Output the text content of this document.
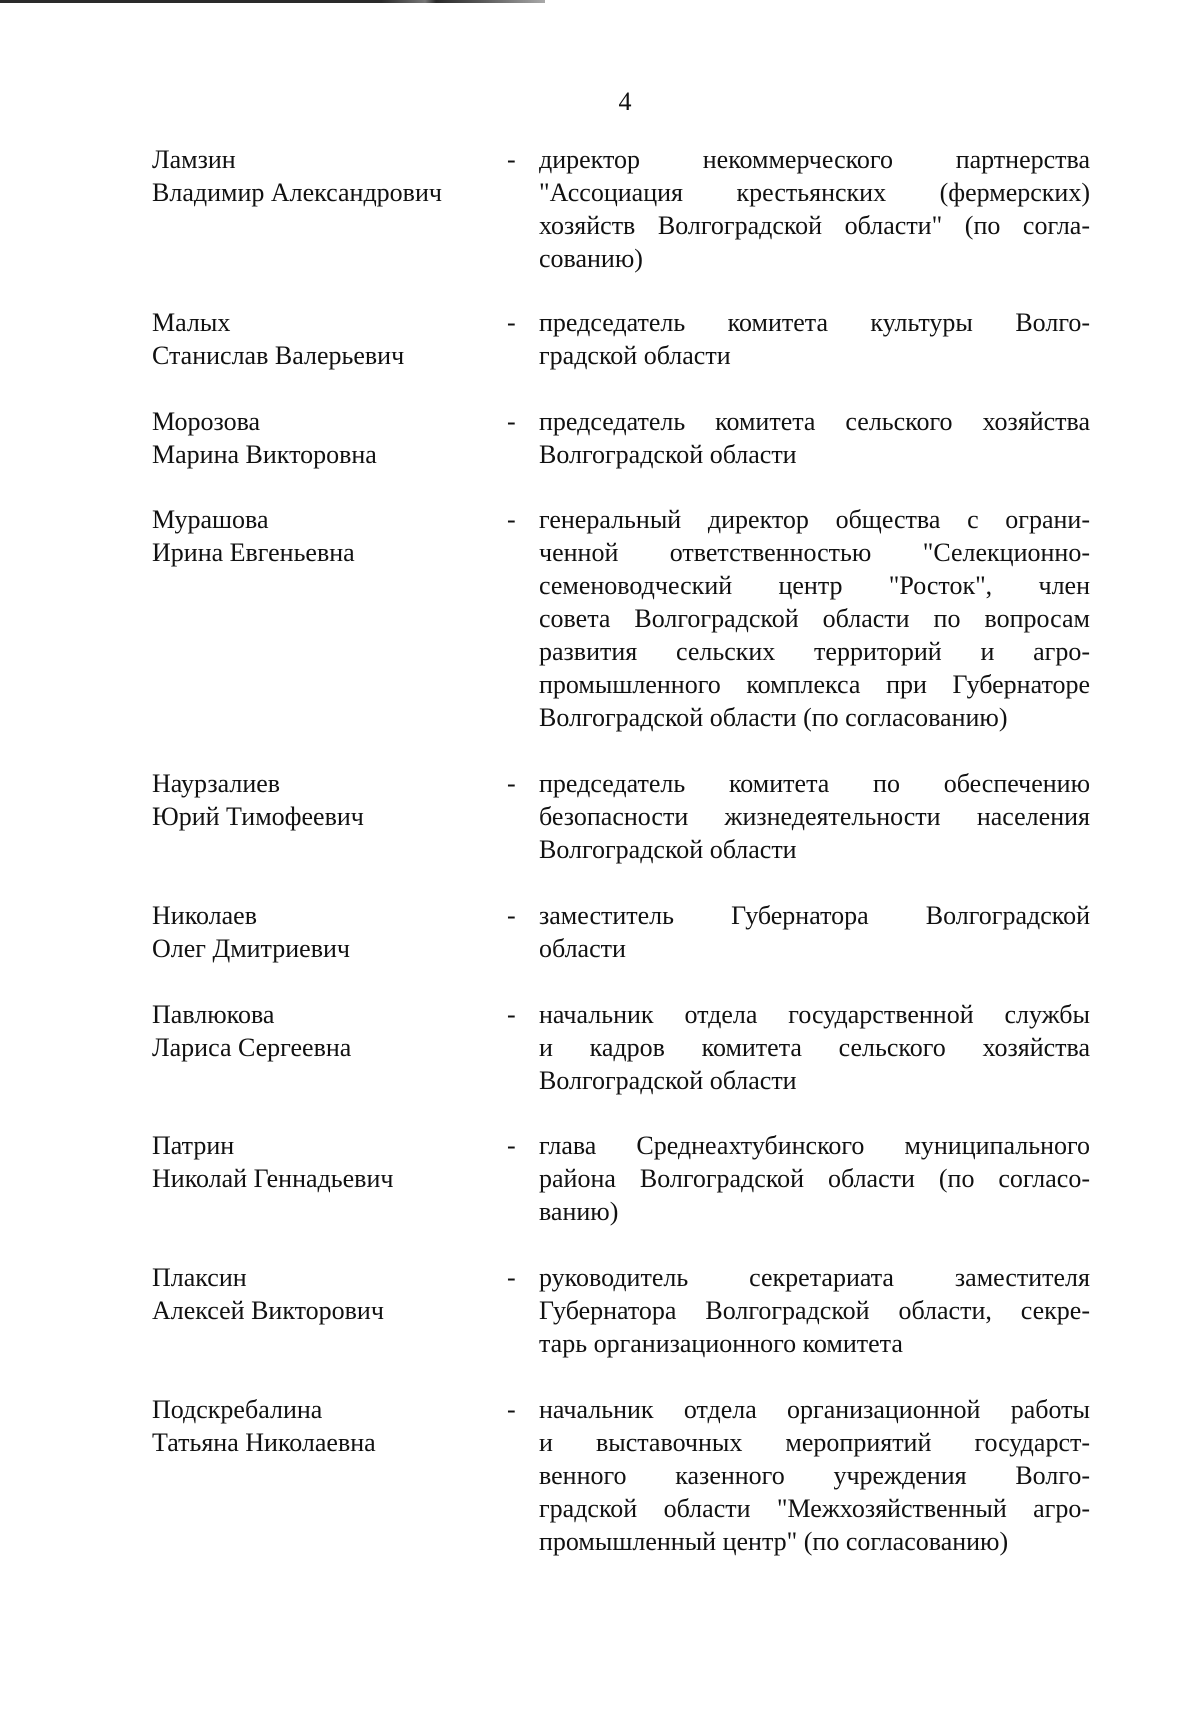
4
Ламзин
Владимир Александрович
- директор некоммерческого партнерства
"Ассоциация крестьянских (фермерских)
хозяйств Волгоградской области" (по согла-
сованию)
Малых
Станислав Валерьевич
- председатель комитета культуры Волго-
градской области
Морозова
Марина Викторовна
- председатель комитета сельского хозяйства
Волгоградской области
Мурашова
Ирина Евгеньевна
- генеральный директор общества с ограни-
ченной ответственностью "Селекционно-
семеноводческий центр "Росток", член
совета Волгоградской области по вопросам
развития сельских территорий и агро-
промышленного комплекса при Губернаторе
Волгоградской области (по согласованию)
Наурзалиев
Юрий Тимофеевич
- председатель комитета по обеспечению
безопасности жизнедеятельности населения
Волгоградской области
Николаев
Олег Дмитриевич
- заместитель Губернатора Волгоградской
области
Павлюкова
Лариса Сергеевна
- начальник отдела государственной службы
и кадров комитета сельского хозяйства
Волгоградской области
Патрин
Николай Геннадьевич
- глава Среднеахтубинского муниципального
района Волгоградской области (по согласо-
ванию)
Плаксин
Алексей Викторович
- руководитель секретариата заместителя
Губернатора Волгоградской области, секре-
тарь организационного комитета
Подскребалина
Татьяна Николаевна
- начальник отдела организационной работы
и выставочных мероприятий государст-
венного казенного учреждения Волго-
градской области "Межхозяйственный агро-
промышленный центр" (по согласованию)
